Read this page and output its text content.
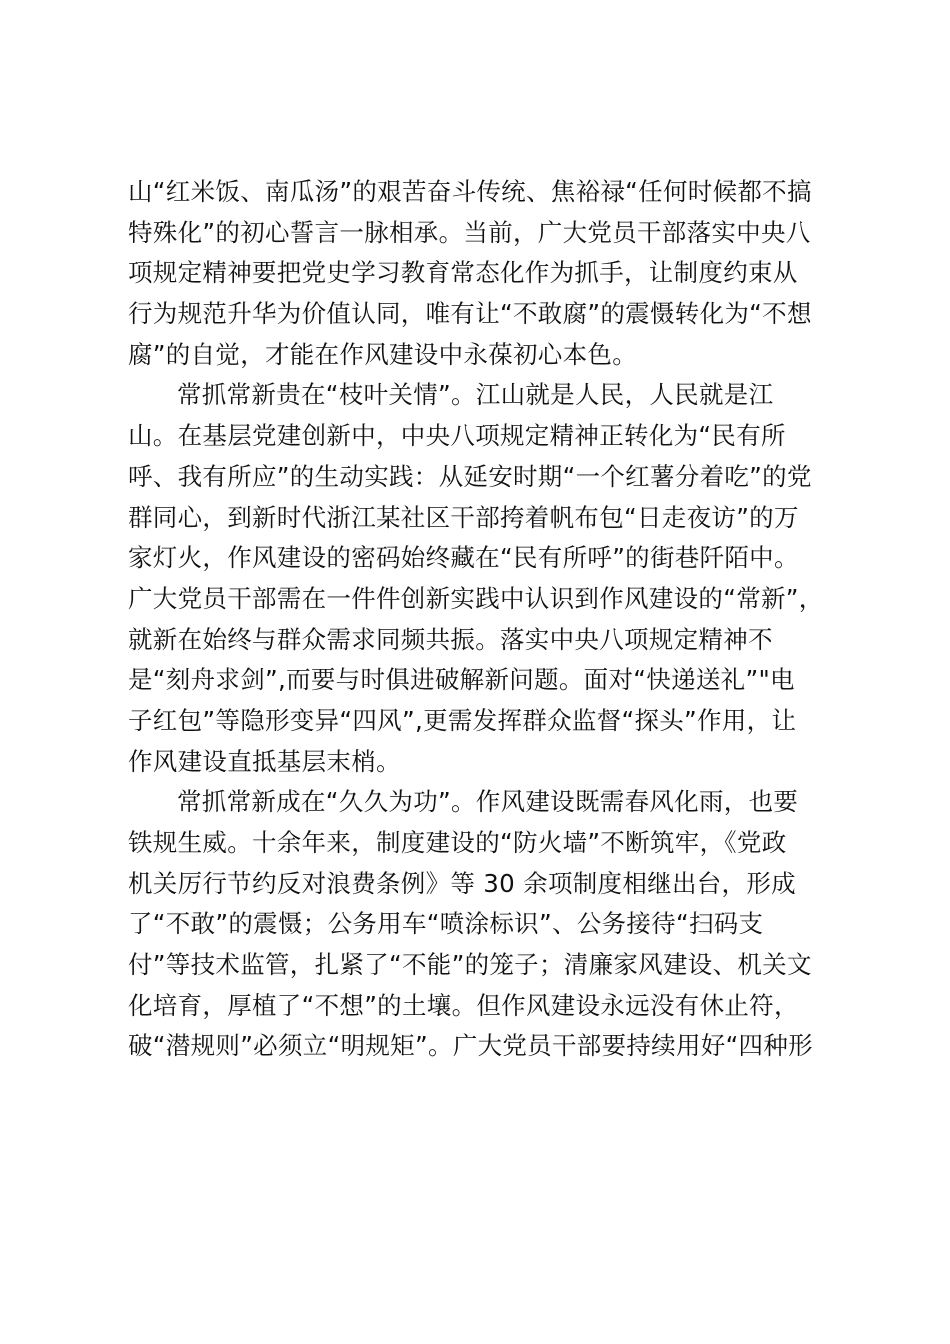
山“红米饭、南瓜汤”的艰苦奋斗传统、焦裕禄“任何时候都不搞
特殊化”的初心誓言一脉相承。当前，广大党员干部落实中央八
项规定精神要把党史学习教育常态化作为抓手，让制度约束从
行为规范升华为价值认同，唯有让“不敢腐”的震慑转化为“不想
腐”的自觉，才能在作风建设中永葆初心本色。
常抓常新贵在“枝叶关情”。江山就是人民，人民就是江
山。在基层党建创新中，中央八项规定精神正转化为“民有所
呼、我有所应”的生动实践：从延安时期“一个红薯分着吃”的党
群同心，到新时代浙江某社区干部挎着帆布包“日走夜访”的万
家灯火，作风建设的密码始终藏在“民有所呼”的街巷阡陌中。
广大党员干部需在一件件创新实践中认识到作风建设的“常新”，
就新在始终与群众需求同频共振。落实中央八项规定精神不
是“刻舟求剑”,而要与时俱进破解新问题。面对“快递送礼”"电
子红包”等隐形变异“四风”,更需发挥群众监督“探头”作用，让
作风建设直抵基层末梢。
常抓常新成在“久久为功”。作风建设既需春风化雨，也要
铁规生威。十余年来，制度建设的“防火墙”不断筑牢，《党政
机关厉行节约反对浪费条例》等 30 余项制度相继出台，形成
了“不敢”的震慑；公务用车“喷涂标识”、公务接待“扫码支
付”等技术监管，扎紧了“不能”的笼子；清廉家风建设、机关文
化培育，厚植了“不想”的土壤。但作风建设永远没有休止符，
破“潜规则”必须立“明规矩”。广大党员干部要持续用好“四种形
